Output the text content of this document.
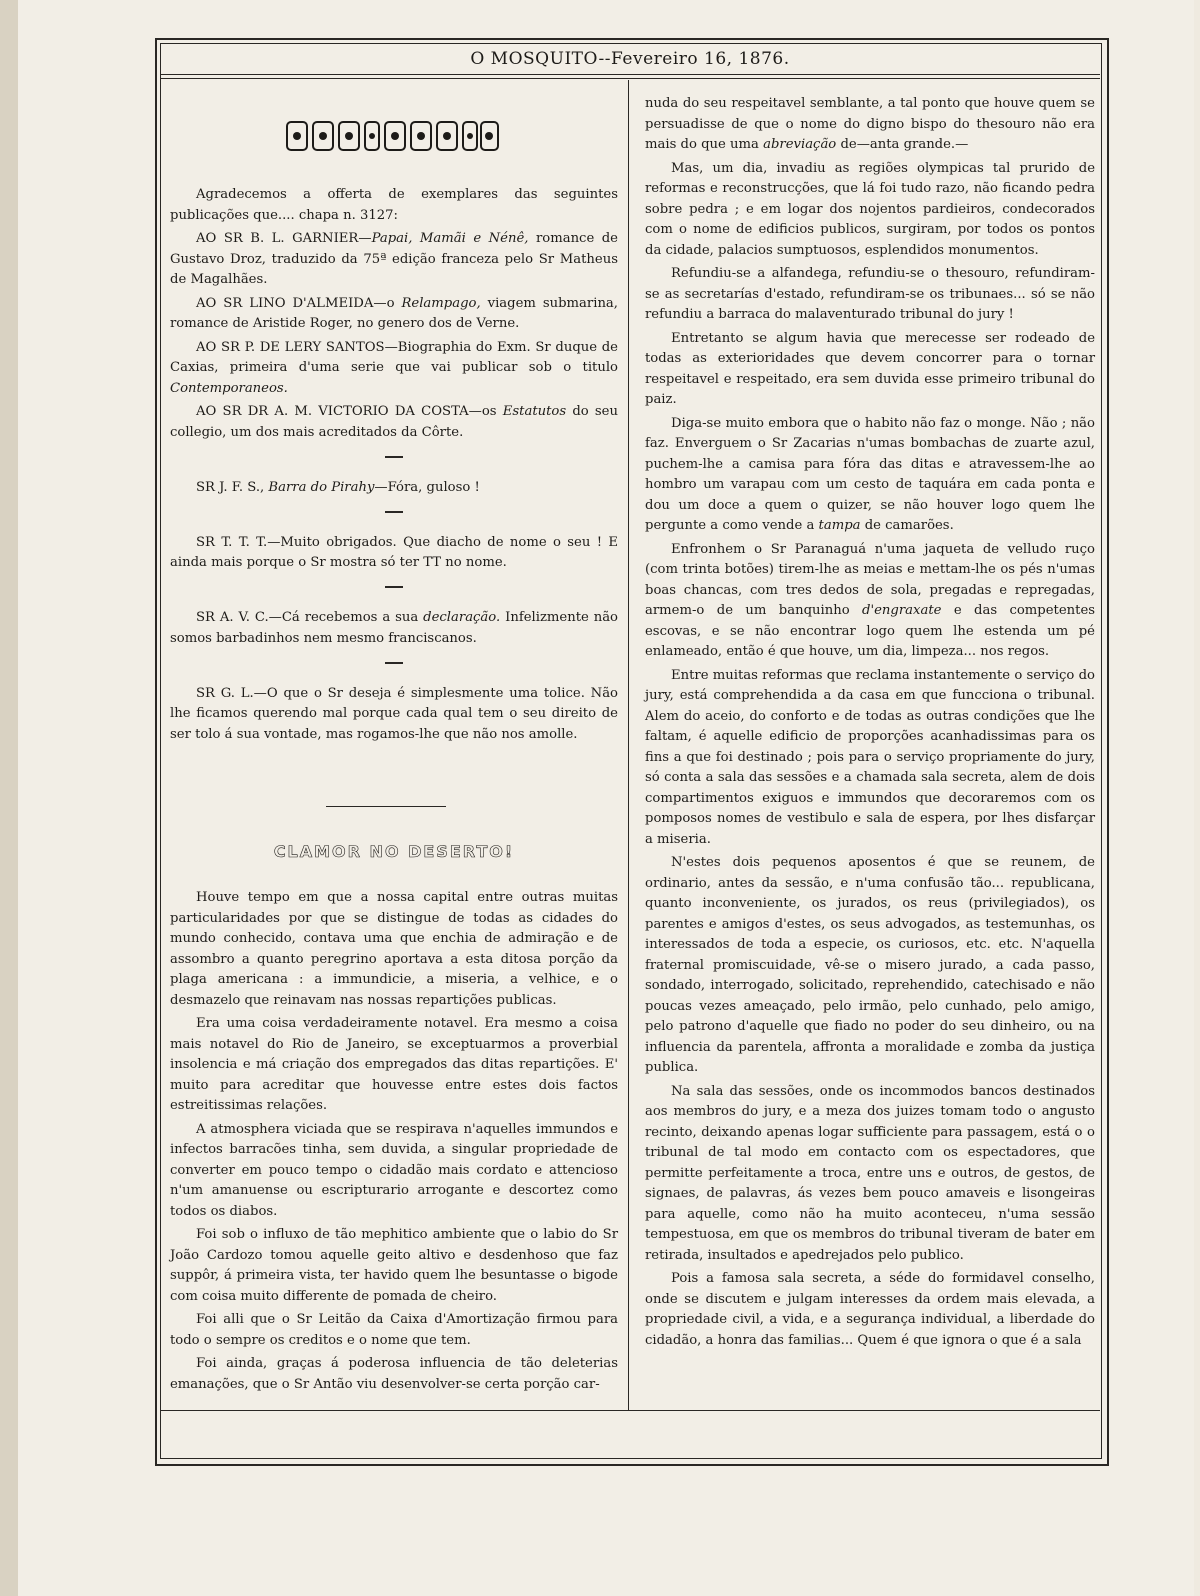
O MOSQUITO--Fevereiro 16, 1876.

Agradecemos a offerta de exemplares das seguintes publicações que.... chapa n. 3127:

AO SR B. L. GARNIER—Papai, Mamãi e Nénê, romance de Gustavo Droz, traduzido da 75ª edição franceza pelo Sr Matheus de Magalhães.

AO SR LINO D'ALMEIDA—o Relampago, viagem submarina, romance de Aristide Roger, no genero dos de Verne.

AO SR P. DE LERY SANTOS—Biographia do Exm. Sr duque de Caxias, primeira d'uma serie que vai publicar sob o titulo Contemporaneos.

AO SR DR A. M. VICTORIO DA COSTA—os Estatutos do seu collegio, um dos mais acreditados da Côrte.

SR J. F. S., Barra do Pirahy—Fóra, guloso !

SR T. T. T.—Muito obrigados. Que diacho de nome o seu ! E ainda mais porque o Sr mostra só ter TT no nome.

SR A. V. C.—Cá recebemos a sua declaração. Infelizmente não somos barbadinhos nem mesmo franciscanos.

SR G. L.—O que o Sr deseja é simplesmente uma tolice. Não lhe ficamos querendo mal porque cada qual tem o seu direito de ser tolo á sua vontade, mas rogamos-lhe que não nos amolle.

CLAMOR NO DESERTO!

Houve tempo em que a nossa capital entre outras muitas particularidades por que se distingue de todas as cidades do mundo conhecido, contava uma que enchia de admiração e de assombro a quanto peregrino aportava a esta ditosa porção da plaga americana : a immundicie, a miseria, a velhice, e o desmazelo que reinavam nas nossas repartições publicas.

Era uma coisa verdadeiramente notavel. Era mesmo a coisa mais notavel do Rio de Janeiro, se exceptuarmos a proverbial insolencia e má criação dos empregados das ditas repartições. E' muito para acreditar que houvesse entre estes dois factos estreitissimas relações.

A atmosphera viciada que se respirava n'aquelles immundos e infectos barracões tinha, sem duvida, a singular propriedade de converter em pouco tempo o cidadão mais cordato e attencioso n'um amanuense ou escripturario arrogante e descortez como todos os diabos.

Foi sob o influxo de tão mephitico ambiente que o labio do Sr João Cardozo tomou aquelle geito altivo e desdenhoso que faz suppôr, á primeira vista, ter havido quem lhe besuntasse o bigode com coisa muito differente de pomada de cheiro.

Foi alli que o Sr Leitão da Caixa d'Amortização firmou para todo o sempre os creditos e o nome que tem.

Foi ainda, graças á poderosa influencia de tão deleterias emanações, que o Sr Antão viu desenvolver-se certa porção car-

nuda do seu respeitavel semblante, a tal ponto que houve quem se persuadisse de que o nome do digno bispo do thesouro não era mais do que uma abreviação de—anta grande.—

Mas, um dia, invadiu as regiões olympicas tal prurido de reformas e reconstrucções, que lá foi tudo razo, não ficando pedra sobre pedra ; e em logar dos nojentos pardieiros, condecorados com o nome de edificios publicos, surgiram, por todos os pontos da cidade, palacios sumptuosos, esplendidos monumentos.

Refundiu-se a alfandega, refundiu-se o thesouro, refundiram-se as secretarías d'estado, refundiram-se os tribunaes... só se não refundiu a barraca do malaventurado tribunal do jury !

Entretanto se algum havia que merecesse ser rodeado de todas as exterioridades que devem concorrer para o tornar respeitavel e respeitado, era sem duvida esse primeiro tribunal do paiz.

Diga-se muito embora que o habito não faz o monge. Não ; não faz. Enverguem o Sr Zacarias n'umas bombachas de zuarte azul, puchem-lhe a camisa para fóra das ditas e atravessem-lhe ao hombro um varapau com um cesto de taquára em cada ponta e dou um doce a quem o quizer, se não houver logo quem lhe pergunte a como vende a tampa de camarões.

Enfronhem o Sr Paranaguá n'uma jaqueta de velludo ruço (com trinta botões) tirem-lhe as meias e mettam-lhe os pés n'umas boas chancas, com tres dedos de sola, pregadas e repregadas, armem-o de um banquinho d'engraxate e das competentes escovas, e se não encontrar logo quem lhe estenda um pé enlameado, então é que houve, um dia, limpeza... nos regos.

Entre muitas reformas que reclama instantemente o serviço do jury, está comprehendida a da casa em que funcciona o tribunal. Alem do aceio, do conforto e de todas as outras condições que lhe faltam, é aquelle edificio de proporções acanhadissimas para os fins a que foi destinado ; pois para o serviço propriamente do jury, só conta a sala das sessões e a chamada sala secreta, alem de dois compartimentos exiguos e immundos que decoraremos com os pomposos nomes de vestibulo e sala de espera, por lhes disfarçar a miseria.

N'estes dois pequenos aposentos é que se reunem, de ordinario, antes da sessão, e n'uma confusão tão... republicana, quanto inconveniente, os jurados, os reus (privilegiados), os parentes e amigos d'estes, os seus advogados, as testemunhas, os interessados de toda a especie, os curiosos, etc. etc. N'aquella fraternal promiscuidade, vê-se o misero jurado, a cada passo, sondado, interrogado, solicitado, reprehendido, catechisado e não poucas vezes ameaçado, pelo irmão, pelo cunhado, pelo amigo, pelo patrono d'aquelle que fiado no poder do seu dinheiro, ou na influencia da parentela, affronta a moralidade e zomba da justiça publica.

Na sala das sessões, onde os incommodos bancos destinados aos membros do jury, e a meza dos juizes tomam todo o angusto recinto, deixando apenas logar sufficiente para passagem, está o o tribunal de tal modo em contacto com os espectadores, que permitte perfeitamente a troca, entre uns e outros, de gestos, de signaes, de palavras, ás vezes bem pouco amaveis e lisongeiras para aquelle, como não ha muito aconteceu, n'uma sessão tempestuosa, em que os membros do tribunal tiveram de bater em retirada, insultados e apedrejados pelo publico.

Pois a famosa sala secreta, a séde do formidavel conselho, onde se discutem e julgam interesses da ordem mais elevada, a propriedade civil, a vida, e a segurança individual, a liberdade do cidadão, a honra das familias... Quem é que ignora o que é a sala
